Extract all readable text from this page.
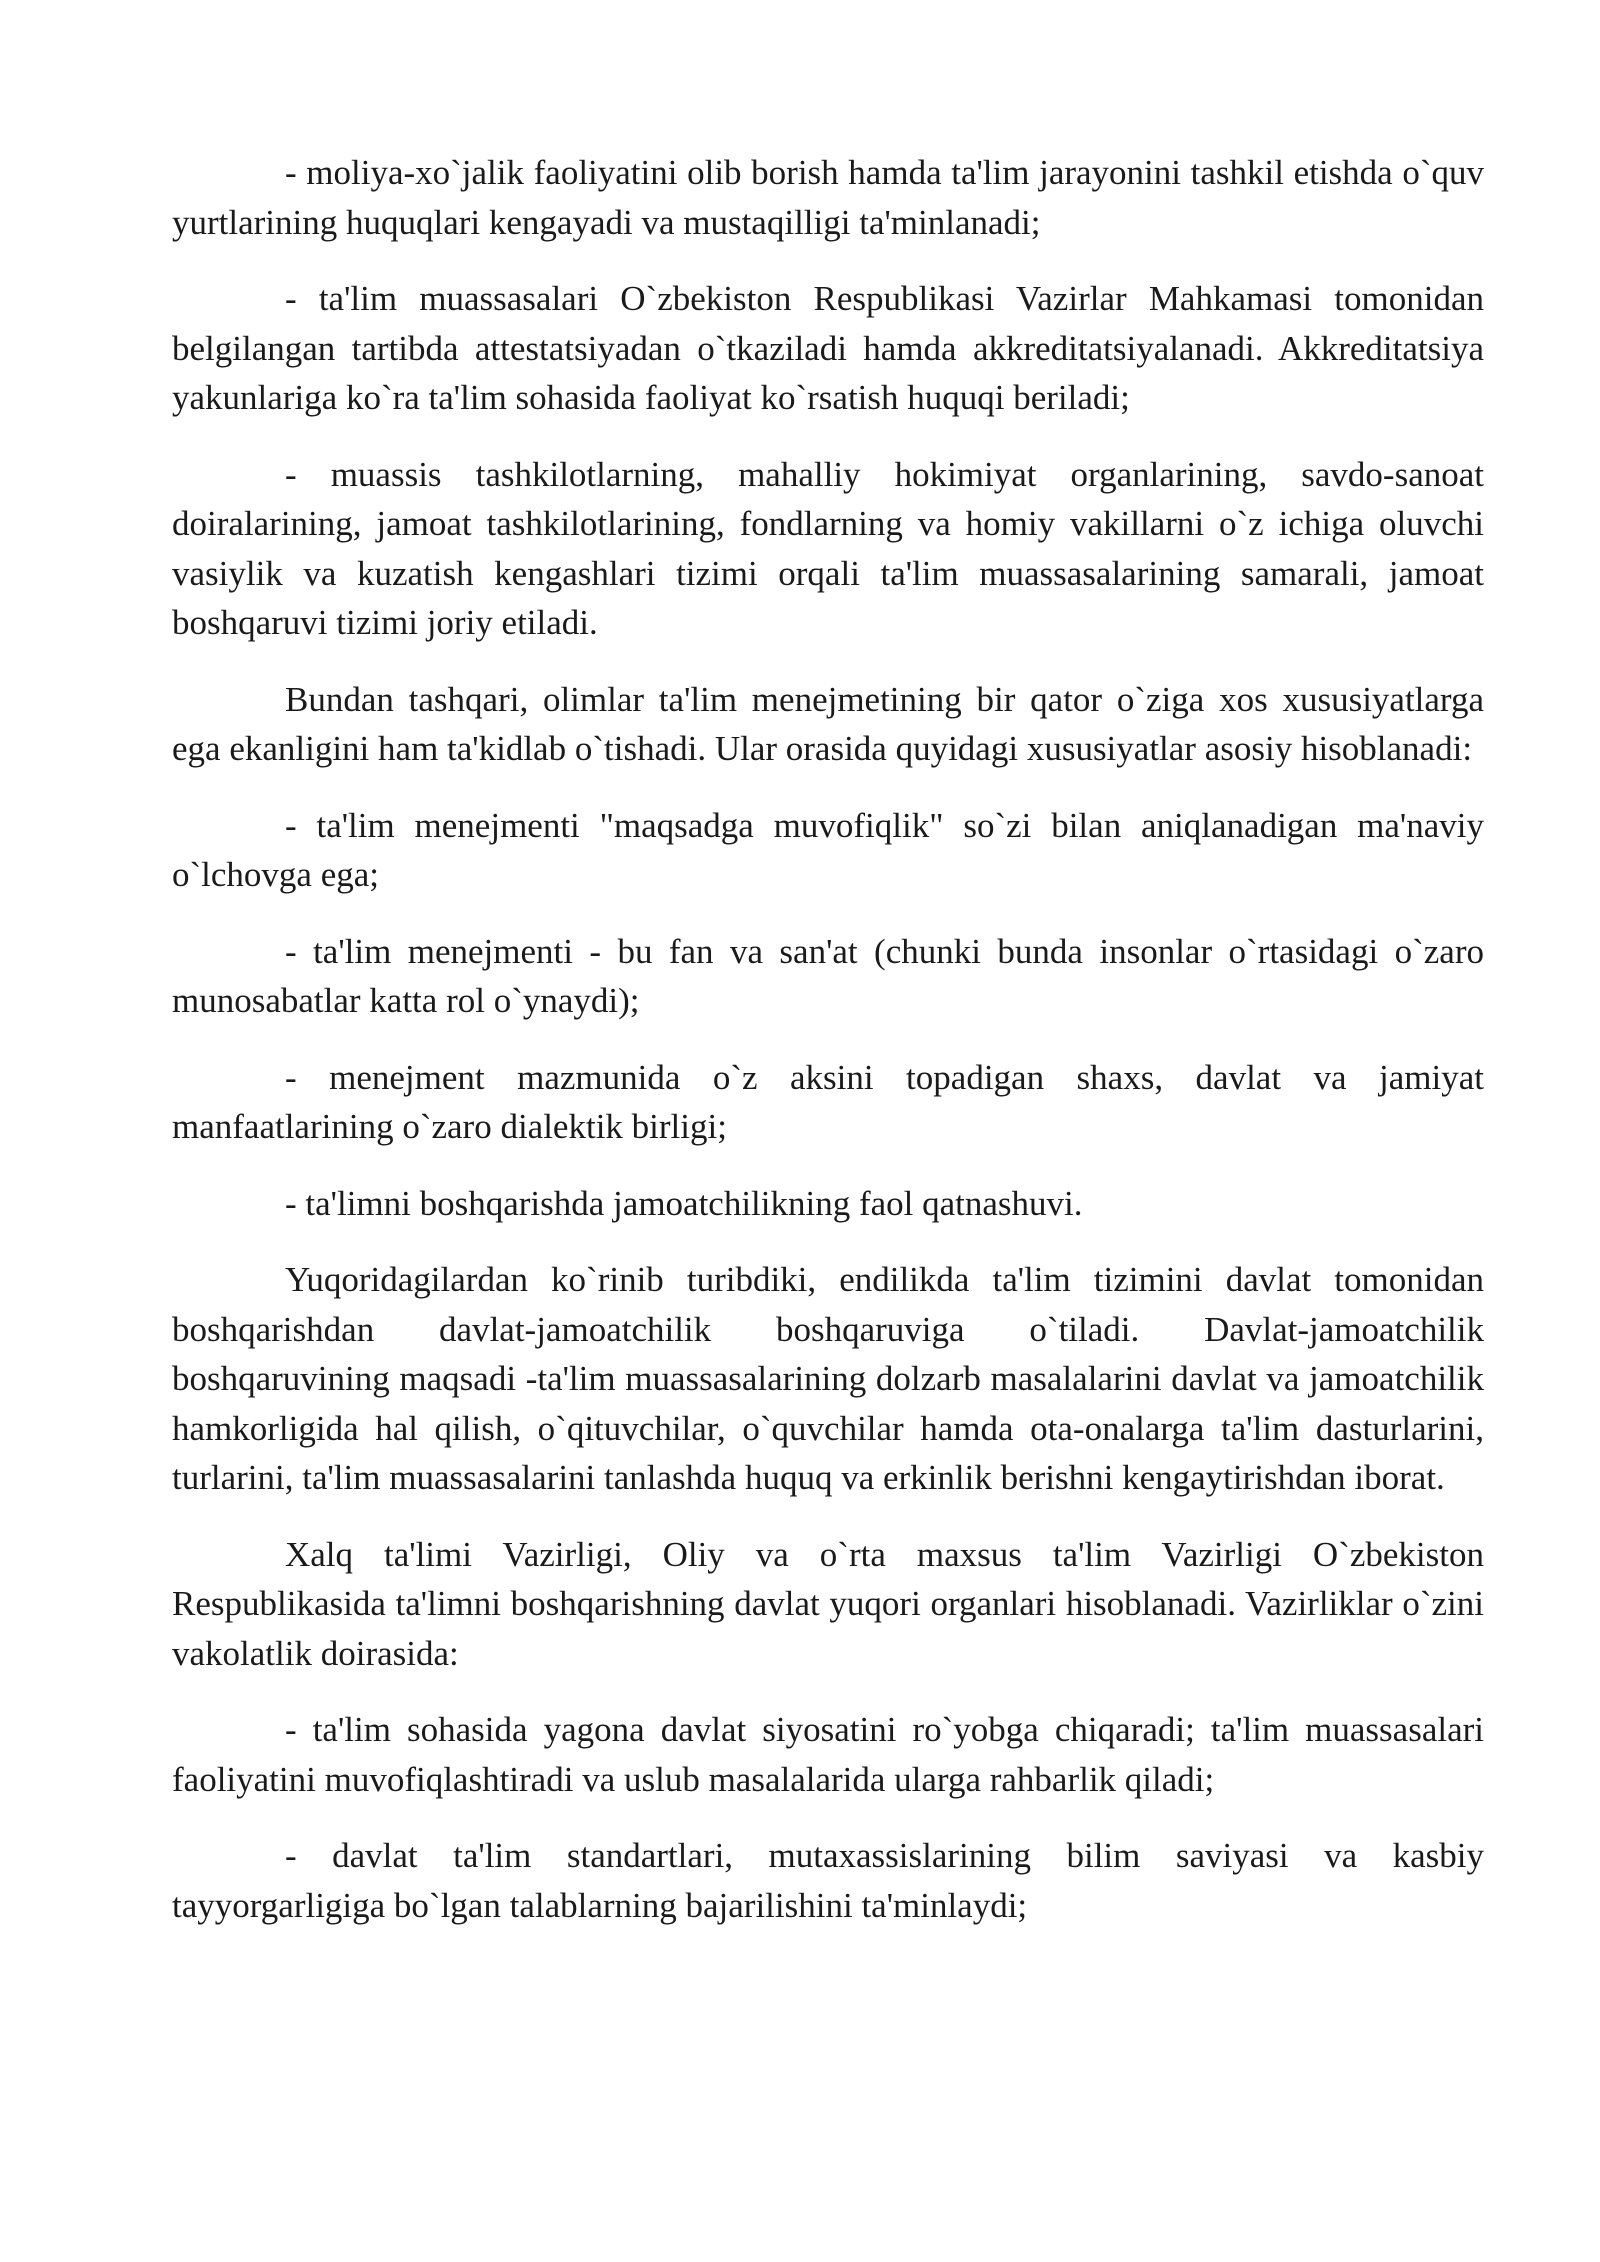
- moliya-xo`jalik faoliyatini olib borish hamda ta'lim jarayonini tashkil etishda o`quv yurtlarining huquqlari kengayadi va mustaqilligi ta'minlanadi;

- ta'lim muassasalari O`zbekiston Respublikasi Vazirlar Mahkamasi tomonidan belgilangan tartibda attestatsiyadan o`tkaziladi hamda akkreditatsiyalanadi. Akkreditatsiya yakunlariga ko`ra ta'lim sohasida faoliyat ko`rsatish huquqi beriladi;

- muassis tashkilotlarning, mahalliy hokimiyat organlarining, savdo-sanoat doiralarining, jamoat tashkilotlarining, fondlarning va homiy vakillarni o`z ichiga oluvchi vasiylik va kuzatish kengashlari tizimi orqali ta'lim muassasalarining samarali, jamoat boshqaruvi tizimi joriy etiladi.

Bundan tashqari, olimlar ta'lim menejmetining bir qator o`ziga xos xususiyatlarga ega ekanligini ham ta'kidlab o`tishadi. Ular orasida quyidagi xususiyatlar asosiy hisoblanadi:

- ta'lim menejmenti "maqsadga muvofiqlik" so`zi bilan aniqlanadigan ma'naviy o`lchovga ega;

- ta'lim menejmenti - bu fan va san'at (chunki bunda insonlar o`rtasidagi o`zaro munosabatlar katta rol o`ynaydi);

- menejment mazmunida o`z aksini topadigan shaxs, davlat va jamiyat manfaatlarining o`zaro dialektik birligi;

- ta'limni boshqarishda jamoatchilikning faol qatnashuvi.

Yuqoridagilardan ko`rinib turibdiki, endilikda ta'lim tizimini davlat tomonidan boshqarishdan davlat-jamoatchilik boshqaruviga o`tiladi. Davlat-jamoatchilik boshqaruvining maqsadi -ta'lim muassasalarining dolzarb masalalarini davlat va jamoatchilik hamkorligida hal qilish, o`qituvchilar, o`quvchilar hamda ota-onalarga ta'lim dasturlarini, turlarini, ta'lim muassasalarini tanlashda huquq va erkinlik berishni kengaytirishdan iborat.

Xalq ta'limi Vazirligi, Oliy va o`rta maxsus ta'lim Vazirligi O`zbekiston Respublikasida ta'limni boshqarishning davlat yuqori organlari hisoblanadi. Vazirliklar o`zini vakolatlik doirasida:

- ta'lim sohasida yagona davlat siyosatini ro`yobga chiqaradi; ta'lim muassasalari faoliyatini muvofiqlashtiradi va uslub masalalarida ularga rahbarlik qiladi;

- davlat ta'lim standartlari, mutaxassislarining bilim saviyasi va kasbiy tayyorgarligiga bo`lgan talablarning bajarilishini ta'minlaydi;
